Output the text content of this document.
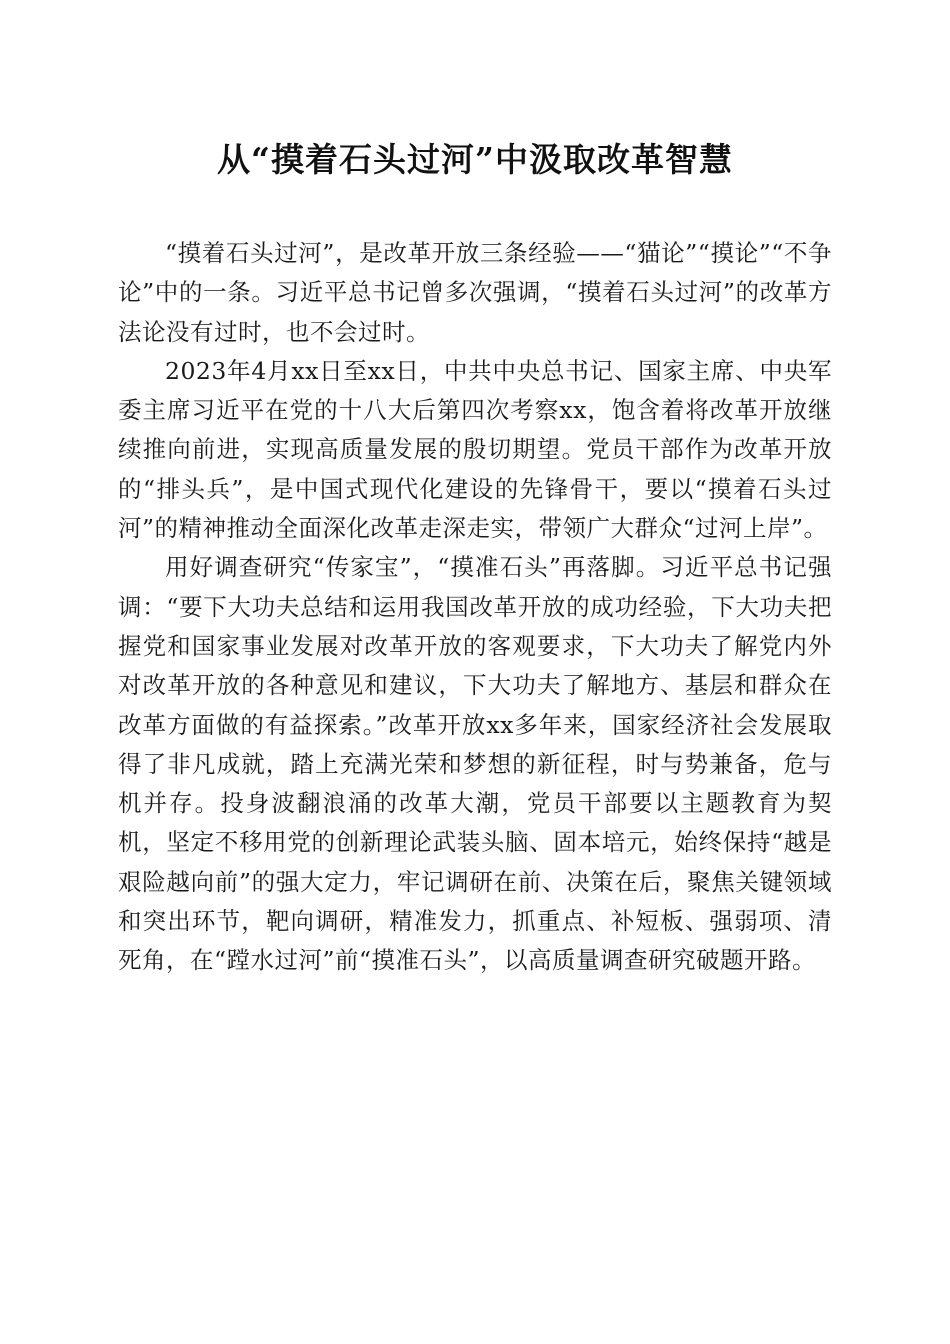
从“摸着石头过河”中汲取改革智慧

“摸着石头过河”，是改革开放三条经验——“猫论”“摸论”“不争论”中的一条。习近平总书记曾多次强调，“摸着石头过河”的改革方法论没有过时，也不会过时。

2023年4月xx日至xx日，中共中央总书记、国家主席、中央军委主席习近平在党的十八大后第四次考察xx，饱含着将改革开放继续推向前进，实现高质量发展的殷切期望。党员干部作为改革开放的“排头兵”，是中国式现代化建设的先锋骨干，要以“摸着石头过河”的精神推动全面深化改革走深走实，带领广大群众“过河上岸”。

用好调查研究“传家宝”，“摸准石头”再落脚。习近平总书记强调：“要下大功夫总结和运用我国改革开放的成功经验，下大功夫把握党和国家事业发展对改革开放的客观要求，下大功夫了解党内外对改革开放的各种意见和建议，下大功夫了解地方、基层和群众在改革方面做的有益探索。”改革开放xx多年来，国家经济社会发展取得了非凡成就，踏上充满光荣和梦想的新征程，时与势兼备，危与机并存。投身波翻浪涌的改革大潮，党员干部要以主题教育为契机，坚定不移用党的创新理论武装头脑、固本培元，始终保持“越是艰险越向前”的强大定力，牢记调研在前、决策在后，聚焦关键领域和突出环节，靶向调研，精准发力，抓重点、补短板、强弱项、清死角，在“蹚水过河”前“摸准石头”，以高质量调查研究破题开路。
